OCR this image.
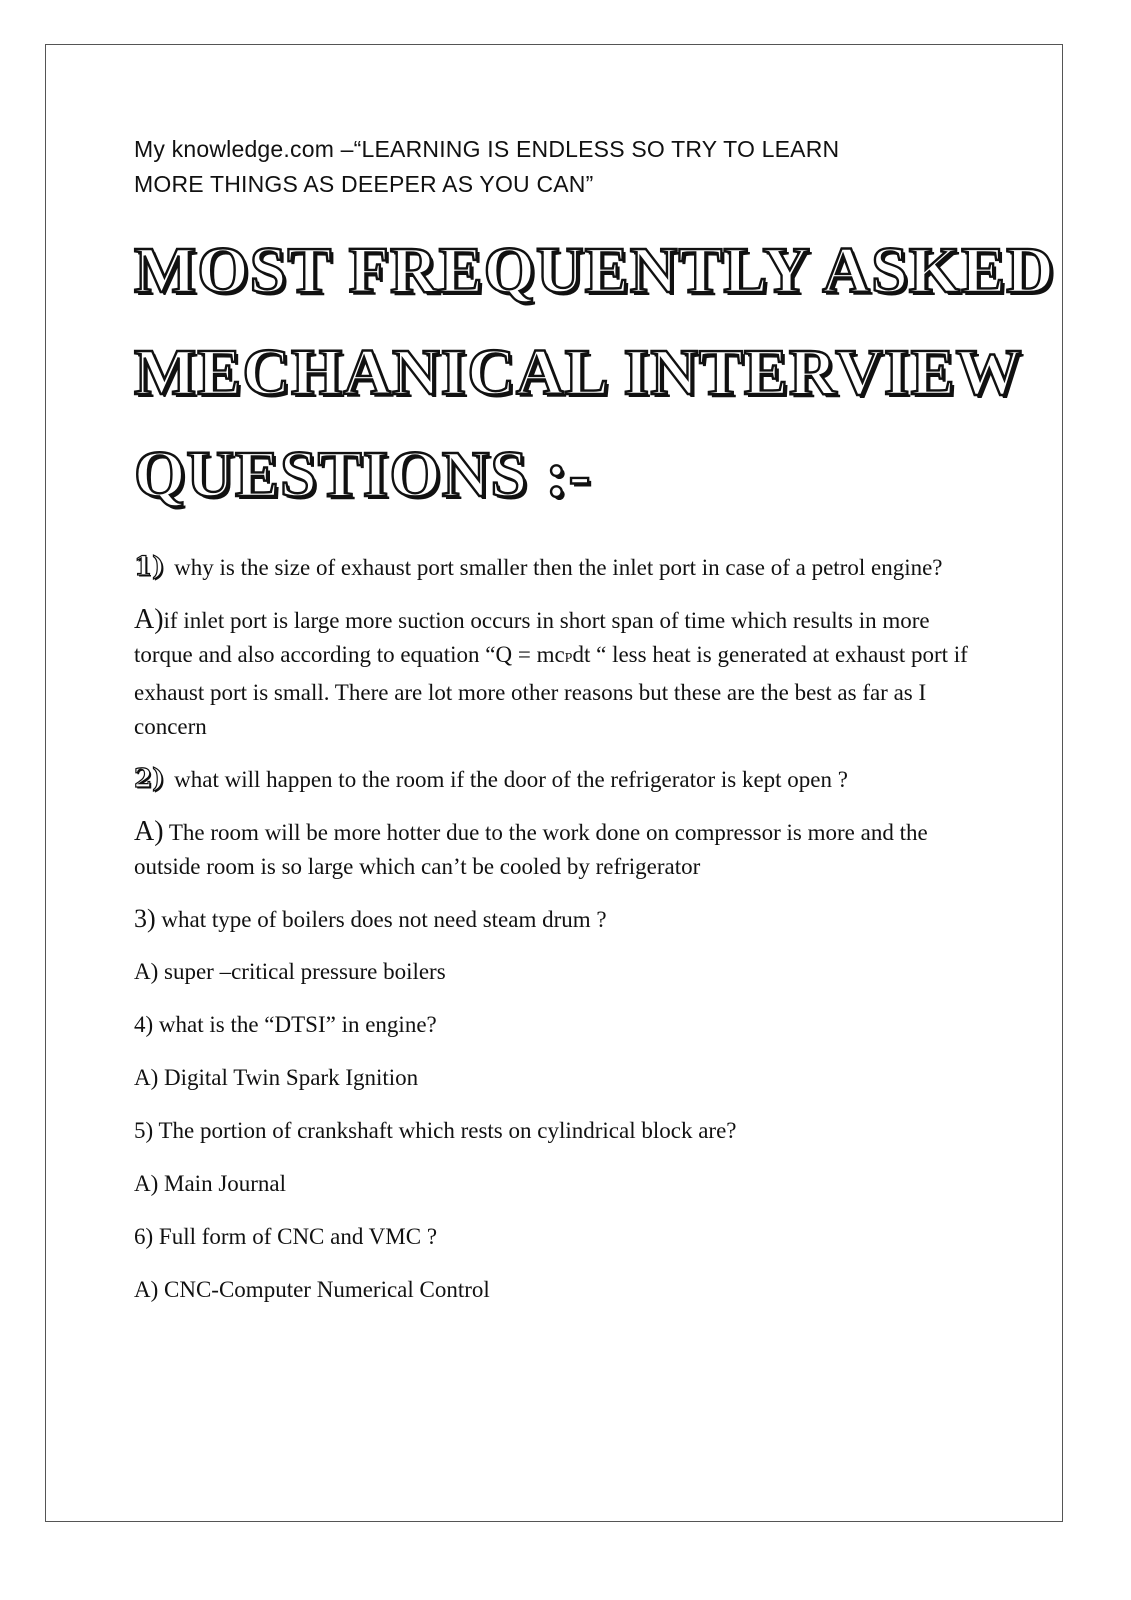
My knowledge.com –“LEARNING IS ENDLESS SO TRY TO LEARN

MORE THINGS AS DEEPER AS YOU CAN”

MOST FREQUENTLY ASKED
MECHANICAL INTERVIEW
QUESTIONS :-

1) why is the size of exhaust port smaller then the inlet port in case of a petrol engine?

A)if inlet port is large more suction occurs in short span of time which results in more torque and also according to equation “Q = mcPdt “ less heat is generated at exhaust port if exhaust port is small. There are lot more other reasons but these are the best as far as I concern

2) what will happen to the room if the door of the refrigerator is kept open ?

A) The room will be more hotter due to the work done on compressor is more and the outside room is so large which can’t be cooled by refrigerator

3) what type of boilers does not need steam drum ?

A) super –critical pressure boilers

4) what is the “DTSI” in engine?

A) Digital Twin Spark Ignition

5) The portion of crankshaft which rests on cylindrical block are?

A) Main Journal

6) Full form of CNC and VMC ?

A) CNC-Computer Numerical Control
